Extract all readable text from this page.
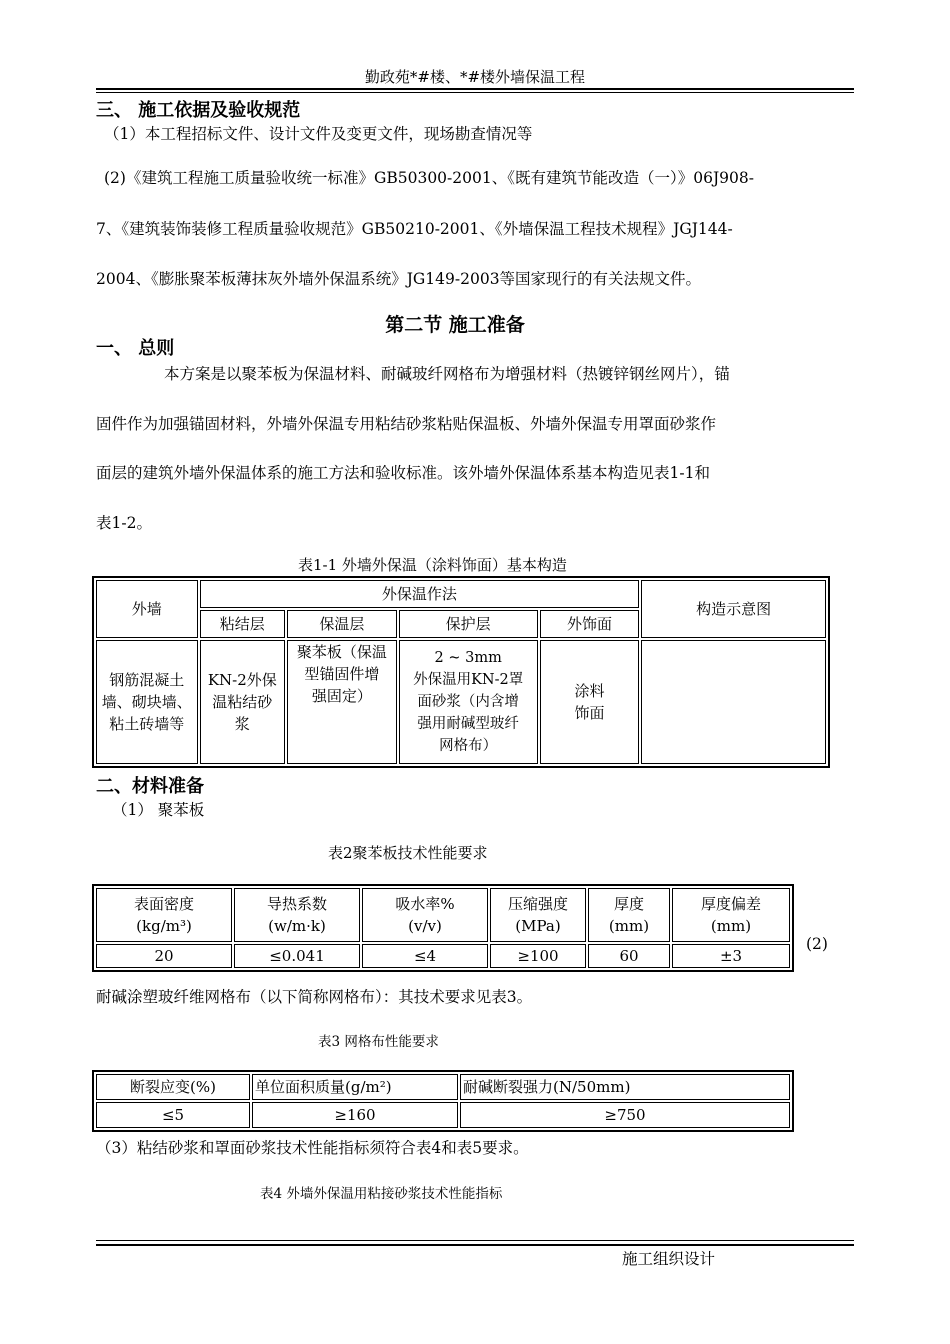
勤政苑*#楼、*#楼外墙保温工程
三、 施工依据及验收规范
（1）本工程招标文件、设计文件及变更文件，现场勘查情况等
(2)《建筑工程施工质量验收统一标准》GB50300-2001、《既有建筑节能改造（一）》06J908-
7、《建筑装饰装修工程质量验收规范》GB50210-2001、《外墙保温工程技术规程》JGJ144-
2004、《膨胀聚苯板薄抹灰外墙外保温系统》JG149-2003等国家现行的有关法规文件。
第二节 施工准备
一、 总则
本方案是以聚苯板为保温材料、耐碱玻纤网格布为增强材料（热镀锌钢丝网片），锚
固件作为加强锚固材料，外墙外保温专用粘结砂浆粘贴保温板、外墙外保温专用罩面砂浆作
面层的建筑外墙外保温体系的施工方法和验收标准。该外墙外保温体系基本构造见表1-1和
表1-2。
表1-1 外墙外保温（涂料饰面）基本构造
外墙	外保温作法				构造示意图
	粘结层	保温层	保护层	外饰面	
钢筋混凝土
墙、砌块墙、
粘土砖墙等	KN-2外保
温粘结砂
浆	聚苯板（保温
型锚固件增
强固定）	2 ~ 3mm
外保温用KN-2罩
面砂浆（内含增
强用耐碱型玻纤
网格布）	涂料
饰面	
二、材料准备
（1） 聚苯板
表2聚苯板技术性能要求
表面密度
(kg/m³)	导热系数
(w/m·k)	吸水率%
(v/v)	压缩强度
(MPa)	厚度
(mm)	厚度偏差
(mm)
20	≤0.041	≤4	≥100	60	±3
(2)
耐碱涂塑玻纤维网格布（以下简称网格布）：其技术要求见表3。
表3 网格布性能要求
断裂应变(%)	单位面积质量(g/m²)	耐碱断裂强力(N/50mm)
≤5	≥160	≥750
（3）粘结砂浆和罩面砂浆技术性能指标须符合表4和表5要求。
表4 外墙外保温用粘接砂浆技术性能指标
施工组织设计
